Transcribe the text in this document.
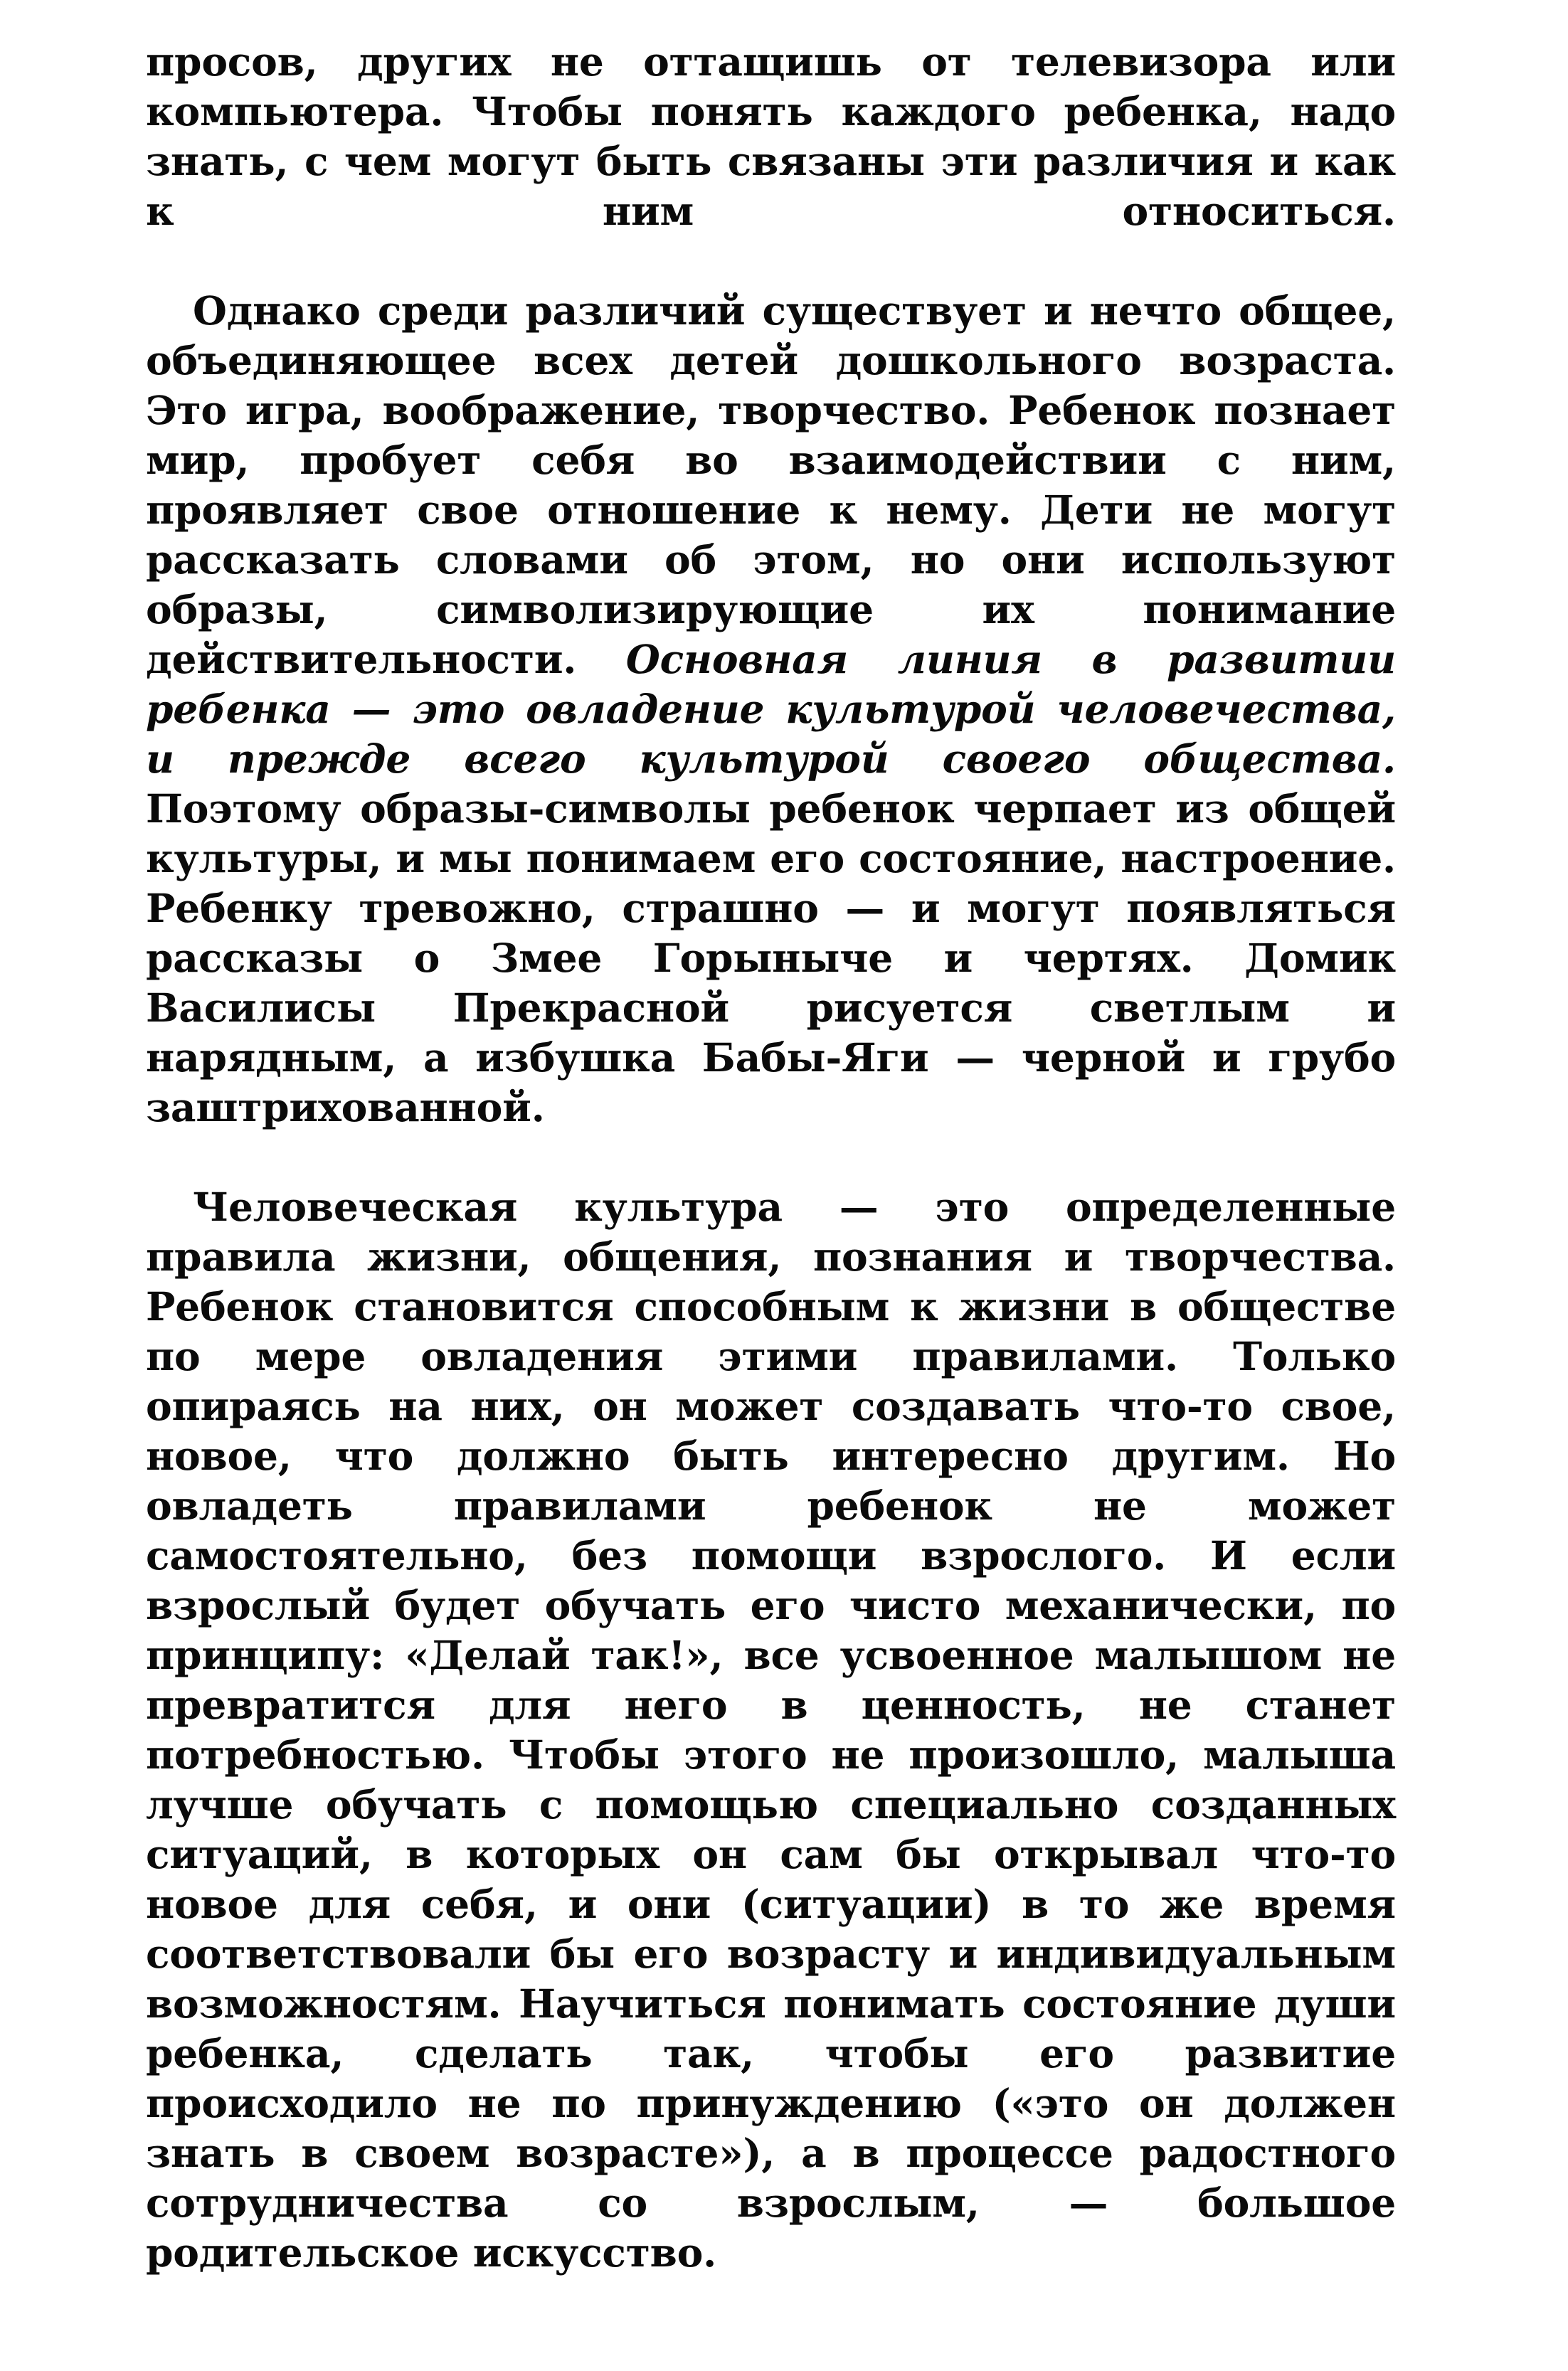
просов, других не оттащишь от телевизора или компьютера. Чтобы понять каждого ребенка, надо знать, с чем могут быть связаны эти различия и как к ним относиться.

Однако среди различий существует и нечто общее, объединяющее всех детей дошкольного возраста. Это игра, воображение, творчество. Ребенок познает мир, пробует себя во взаимодействии с ним, проявляет свое отношение к нему. Дети не могут рассказать словами об этом, но они используют образы, символизирующие их понимание действительности. Основная линия в развитии ребенка — это овладение культурой человечества, и прежде всего культурой своего общества. Поэтому образы-символы ребенок черпает из общей культуры, и мы понимаем его состояние, настроение. Ребенку тревожно, страшно — и могут появляться рассказы о Змее Горыныче и чертях. Домик Василисы Прекрасной рисуется светлым и нарядным, а избушка Бабы-Яги — черной и грубо заштрихованной.

Человеческая культура — это определенные правила жизни, общения, познания и творчества. Ребенок становится способным к жизни в обществе по мере овладения этими правилами. Только опираясь на них, он может создавать что-то свое, новое, что должно быть интересно другим. Но овладеть правилами ребенок не может самостоятельно, без помощи взрослого. И если взрослый будет обучать его чисто механически, по принципу: «Делай так!», все усвоенное малышом не превратится для него в ценность, не станет потребностью. Чтобы этого не произошло, малыша лучше обучать с помощью специально созданных ситуаций, в которых он сам бы открывал что-то новое для себя, и они (ситуации) в то же время соответствовали бы его возрасту и индивидуальным возможностям. Научиться понимать состояние души ребенка, сделать так, чтобы его развитие происходило не по принуждению («это он должен знать в своем возрасте»), а в процессе радостного сотрудничества со взрослым, — большое родительское искусство.
